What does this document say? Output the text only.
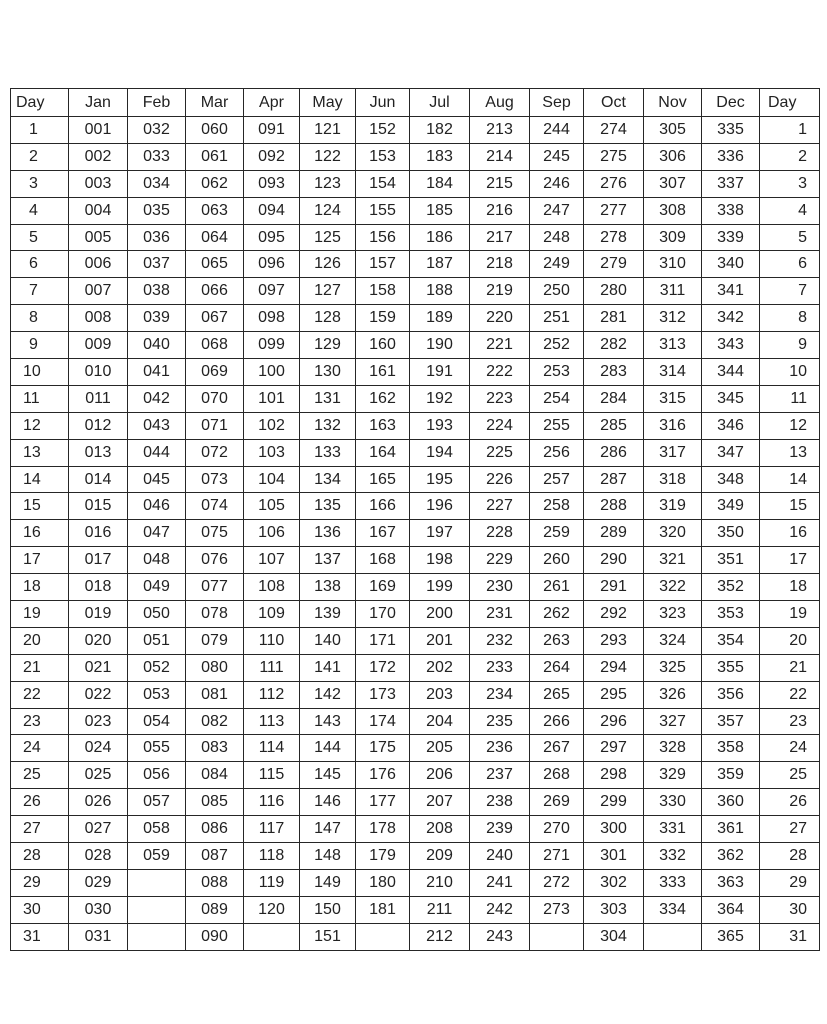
Day	Jan	Feb	Mar	Apr	May	Jun	Jul	Aug	Sep	Oct	Nov	Dec	Day
1	001	032	060	091	121	152	182	213	244	274	305	335	1
2	002	033	061	092	122	153	183	214	245	275	306	336	2
3	003	034	062	093	123	154	184	215	246	276	307	337	3
4	004	035	063	094	124	155	185	216	247	277	308	338	4
5	005	036	064	095	125	156	186	217	248	278	309	339	5
6	006	037	065	096	126	157	187	218	249	279	310	340	6
7	007	038	066	097	127	158	188	219	250	280	311	341	7
8	008	039	067	098	128	159	189	220	251	281	312	342	8
9	009	040	068	099	129	160	190	221	252	282	313	343	9
10	010	041	069	100	130	161	191	222	253	283	314	344	10
11	011	042	070	101	131	162	192	223	254	284	315	345	11
12	012	043	071	102	132	163	193	224	255	285	316	346	12
13	013	044	072	103	133	164	194	225	256	286	317	347	13
14	014	045	073	104	134	165	195	226	257	287	318	348	14
15	015	046	074	105	135	166	196	227	258	288	319	349	15
16	016	047	075	106	136	167	197	228	259	289	320	350	16
17	017	048	076	107	137	168	198	229	260	290	321	351	17
18	018	049	077	108	138	169	199	230	261	291	322	352	18
19	019	050	078	109	139	170	200	231	262	292	323	353	19
20	020	051	079	110	140	171	201	232	263	293	324	354	20
21	021	052	080	111	141	172	202	233	264	294	325	355	21
22	022	053	081	112	142	173	203	234	265	295	326	356	22
23	023	054	082	113	143	174	204	235	266	296	327	357	23
24	024	055	083	114	144	175	205	236	267	297	328	358	24
25	025	056	084	115	145	176	206	237	268	298	329	359	25
26	026	057	085	116	146	177	207	238	269	299	330	360	26
27	027	058	086	117	147	178	208	239	270	300	331	361	27
28	028	059	087	118	148	179	209	240	271	301	332	362	28
29	029		088	119	149	180	210	241	272	302	333	363	29
30	030		089	120	150	181	211	242	273	303	334	364	30
31	031		090		151		212	243		304		365	31
